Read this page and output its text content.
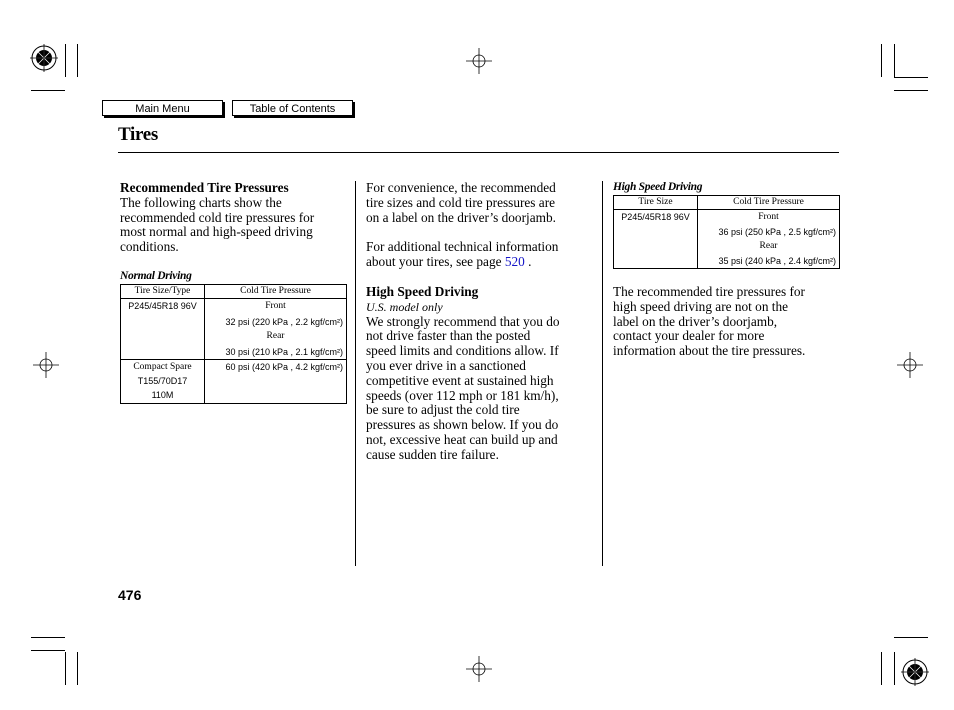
Main Menu	Table of Contents
Tires
Recommended Tire Pressures
The following charts show the
recommended cold tire pressures for
most normal and high-speed driving
conditions.
Normal Driving
Tire Size/Type	Cold Tire Pressure

P245/45R18 96V	Front
32 psi (220 kPa , 2.2 kgf/cm²)
Rear
30 psi (210 kPa , 2.1 kgf/cm²)

Compact Spare
T155/70D17
110M	60 psi (420 kPa , 4.2 kgf/cm²)
For convenience, the recommended
tire sizes and cold tire pressures are
on a label on the driver’s doorjamb.
For additional technical information
about your tires, see page 520 .
High Speed Driving
U.S. model only
We strongly recommend that you do
not drive faster than the posted
speed limits and conditions allow. If
you ever drive in a sanctioned
competitive event at sustained high
speeds (over 112 mph or 181 km/h),
be sure to adjust the cold tire
pressures as shown below. If you do
not, excessive heat can build up and
cause sudden tire failure.
High Speed Driving
Tire Size	Cold Tire Pressure

P245/45R18 96V	Front
36 psi (250 kPa , 2.5 kgf/cm²)
Rear
35 psi (240 kPa , 2.4 kgf/cm²)
The recommended tire pressures for
high speed driving are not on the
label on the driver’s doorjamb,
contact your dealer for more
information about the tire pressures.
476
